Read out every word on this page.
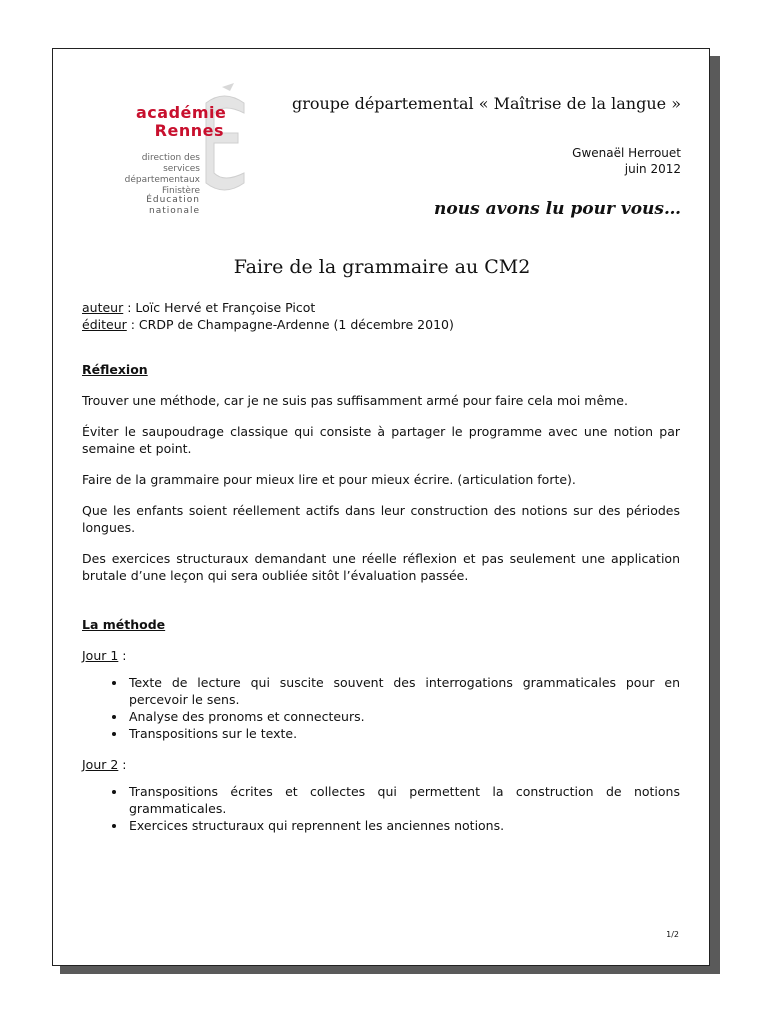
académie
Rennes
direction des services
départementaux
Finistère
Éducation
nationale
groupe départemental « Maîtrise de la langue »
Gwenaël Herrouet
juin 2012
nous avons lu pour vous…
Faire de la grammaire au CM2

auteur : Loïc Hervé et Françoise Picot

éditeur : CRDP de Champagne-Ardenne (1 décembre 2010)

Réflexion

Trouver une méthode, car je ne suis pas suffisamment armé pour faire cela moi même.

Éviter le saupoudrage classique qui consiste à partager le programme avec une notion par semaine et point.

Faire de la grammaire pour mieux lire et pour mieux écrire. (articulation forte).

Que les enfants soient réellement actifs dans leur construction des notions sur des périodes longues.

Des exercices structuraux demandant une réelle réflexion et pas seulement une application brutale d’une leçon qui sera oubliée sitôt l’évaluation passée.

La méthode

Jour 1 :

• Texte de lecture qui suscite souvent des interrogations grammaticales pour en percevoir le sens.
• Analyse des pronoms et connecteurs.
• Transpositions sur le texte.

Jour 2 :

• Transpositions écrites et collectes qui permettent la construction de notions grammaticales.
• Exercices structuraux qui reprennent les anciennes notions.
1/2
